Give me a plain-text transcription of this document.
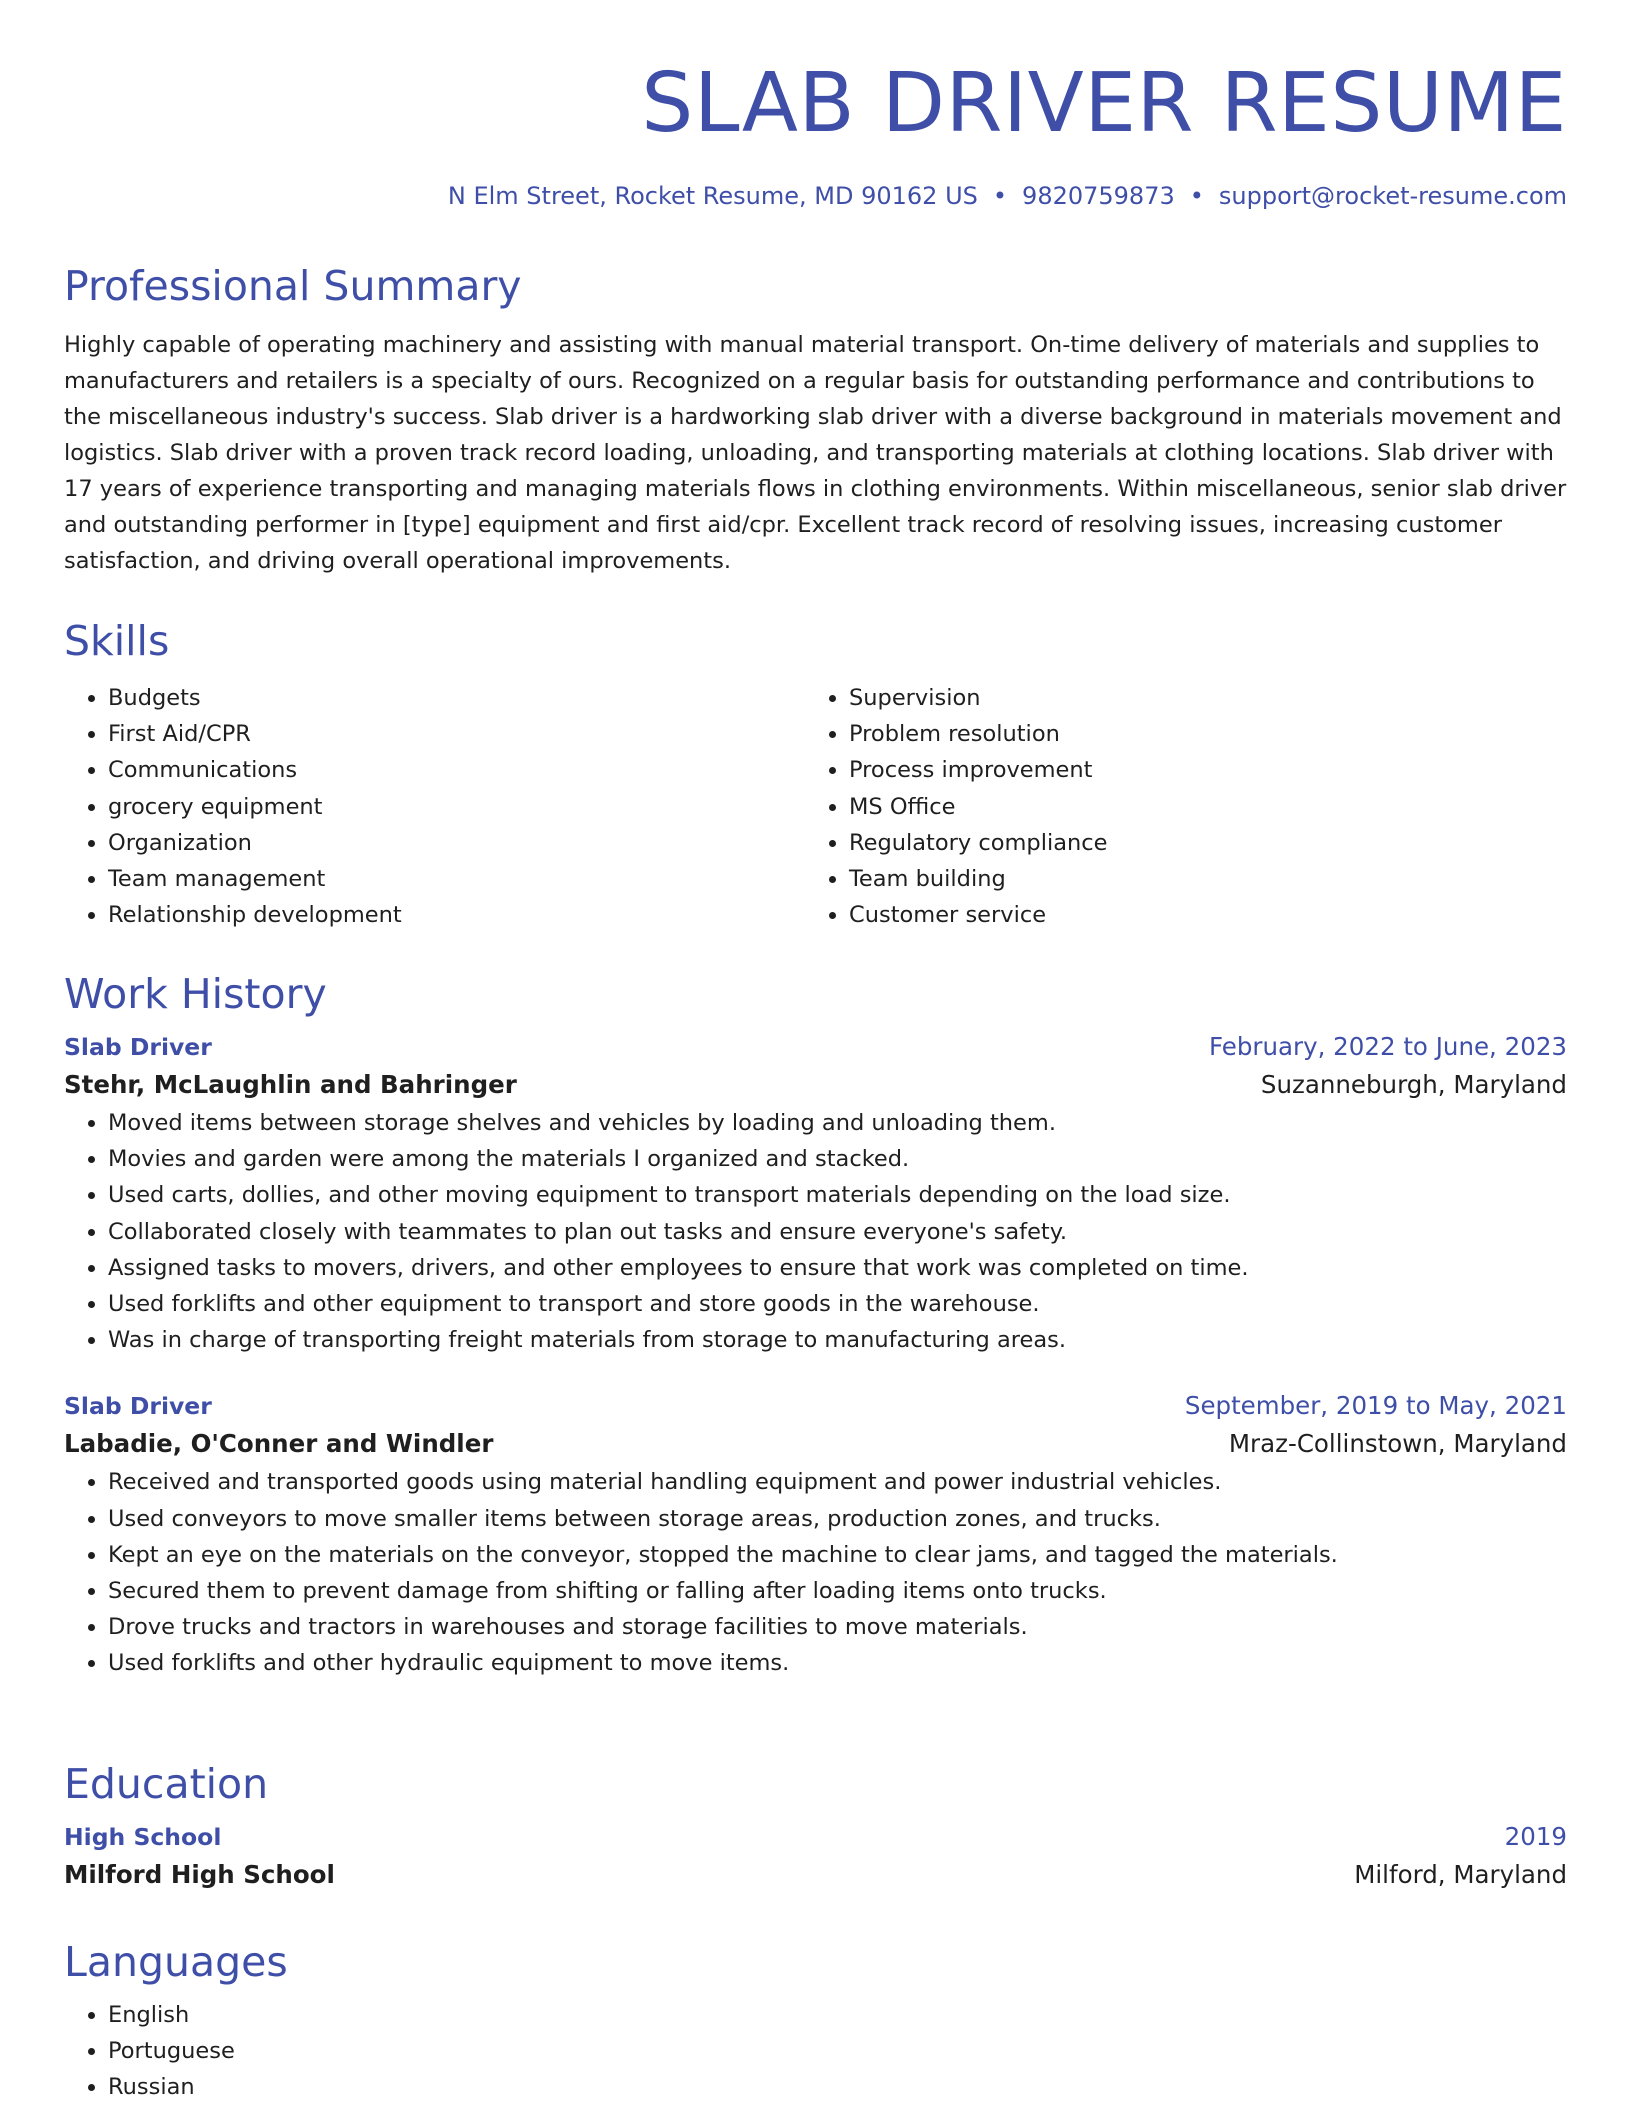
SLAB DRIVER RESUME
N Elm Street, Rocket Resume, MD 90162 US • 9820759873 • support@rocket-resume.com
Professional Summary

Highly capable of operating machinery and assisting with manual material transport. On-time delivery of materials and supplies to manufacturers and retailers is a specialty of ours. Recognized on a regular basis for outstanding performance and contributions to the miscellaneous industry's success. Slab driver is a hardworking slab driver with a diverse background in materials movement and logistics. Slab driver with a proven track record loading, unloading, and transporting materials at clothing locations. Slab driver with 17 years of experience transporting and managing materials flows in clothing environments. Within miscellaneous, senior slab driver and outstanding performer in [type] equipment and first aid/cpr. Excellent track record of resolving issues, increasing customer satisfaction, and driving overall operational improvements.

Skills
• Budgets
• First Aid/CPR
• Communications
• grocery equipment
• Organization
• Team management
• Relationship development
• Supervision
• Problem resolution
• Process improvement
• MS Office
• Regulatory compliance
• Team building
• Customer service
Work History
Slab Driver	February, 2022 to June, 2023
Stehr, McLaughlin and Bahringer	Suzanneburgh, Maryland
• Moved items between storage shelves and vehicles by loading and unloading them.
• Movies and garden were among the materials I organized and stacked.
• Used carts, dollies, and other moving equipment to transport materials depending on the load size.
• Collaborated closely with teammates to plan out tasks and ensure everyone's safety.
• Assigned tasks to movers, drivers, and other employees to ensure that work was completed on time.
• Used forklifts and other equipment to transport and store goods in the warehouse.
• Was in charge of transporting freight materials from storage to manufacturing areas.
Slab Driver	September, 2019 to May, 2021
Labadie, O'Conner and Windler	Mraz-Collinstown, Maryland
• Received and transported goods using material handling equipment and power industrial vehicles.
• Used conveyors to move smaller items between storage areas, production zones, and trucks.
• Kept an eye on the materials on the conveyor, stopped the machine to clear jams, and tagged the materials.
• Secured them to prevent damage from shifting or falling after loading items onto trucks.
• Drove trucks and tractors in warehouses and storage facilities to move materials.
• Used forklifts and other hydraulic equipment to move items.
Education
High School	2019
Milford High School	Milford, Maryland
Languages
• English
• Portuguese
• Russian
